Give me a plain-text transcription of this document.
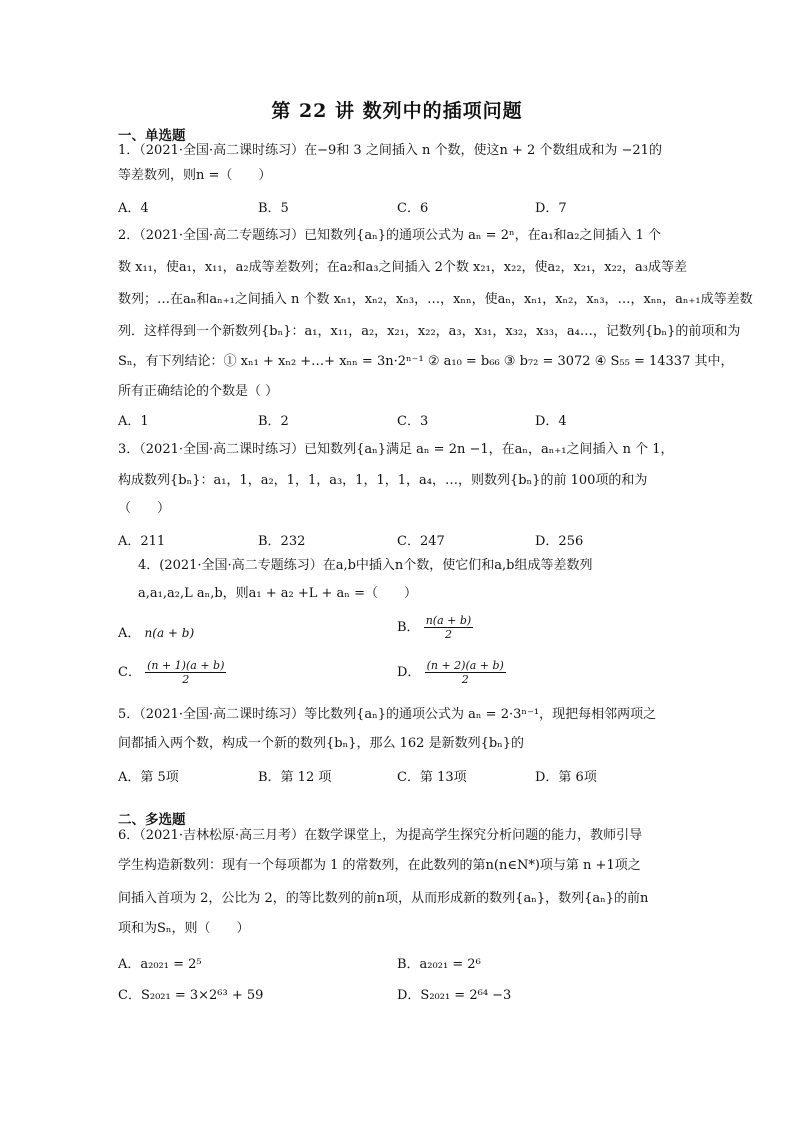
第 22 讲 数列中的插项问题
一、单选题
1．（2021·全国·高二课时练习）在−9和 3 之间插入 n 个数，使这n + 2 个数组成和为 −21的
等差数列，则n =（　　）
A．4	B．5	C．6	D．7
2．（2021·全国·高二专题练习）已知数列{aₙ}的通项公式为 aₙ = 2ⁿ，在a₁和a₂之间插入 1 个
数 x₁₁，使a₁，x₁₁，a₂成等差数列；在a₂和a₃之间插入 2个数 x₂₁，x₂₂，使a₂，x₂₁，x₂₂，a₃成等差
数列；…在aₙ和aₙ₊₁之间插入 n 个数 xₙ₁，xₙ₂，xₙ₃，…，xₙₙ，使aₙ，xₙ₁，xₙ₂，xₙ₃，…，xₙₙ，aₙ₊₁成等差数
列．这样得到一个新数列{bₙ}：a₁，x₁₁，a₂，x₂₁，x₂₂，a₃，x₃₁，x₃₂，x₃₃，a₄…，记数列{bₙ}的前项和为
Sₙ，有下列结论：① xₙ₁ + xₙ₂ +…+ xₙₙ = 3n·2ⁿ⁻¹ ② a₁₀ = b₆₆ ③ b₇₂ = 3072 ④ S₅₅ = 14337 其中，
所有正确结论的个数是（ ）
A．1	B．2	C．3	D．4
3．（2021·全国·高二课时练习）已知数列{aₙ}满足 aₙ = 2n −1，在aₙ，aₙ₊₁之间插入 n 个 1，
构成数列{bₙ}：a₁，1，a₂，1，1，a₃，1，1，1，a₄，…，则数列{bₙ}的前 100项的和为
（　　）
A．211	B．232	C．247	D．256
4．(2021·全国·高二专题练习）在a,b中插入n个数，使它们和a,b组成等差数列
a,a₁,a₂,L aₙ,b，则a₁ + a₂ +L + aₙ =（　　）
A． n(a + b)	B． $\frac{n(a + b)}{2}$
C． $\frac{(n + 1)(a + b)}{2}$	D． $\frac{(n + 2)(a + b)}{2}$
5．（2021·全国·高二课时练习）等比数列{aₙ}的通项公式为 aₙ = 2·3ⁿ⁻¹，现把每相邻两项之
间都插入两个数，构成一个新的数列{bₙ}，那么 162 是新数列{bₙ}的
A．第 5项	B．第 12 项	C．第 13项	D．第 6项
二、多选题
6．（2021·吉林松原·高三月考）在数学课堂上，为提高学生探究分析问题的能力，教师引导
学生构造新数列：现有一个每项都为 1 的常数列，在此数列的第n(n∈N*)项与第 n +1项之
间插入首项为 2，公比为 2，的等比数列的前n项，从而形成新的数列{aₙ}，数列{aₙ}的前n
项和为Sₙ，则（　　）
A．a₂₀₂₁ = 2⁵	B．a₂₀₂₁ = 2⁶
C．S₂₀₂₁ = 3×2⁶³ + 59	D．S₂₀₂₁ = 2⁶⁴ −3
